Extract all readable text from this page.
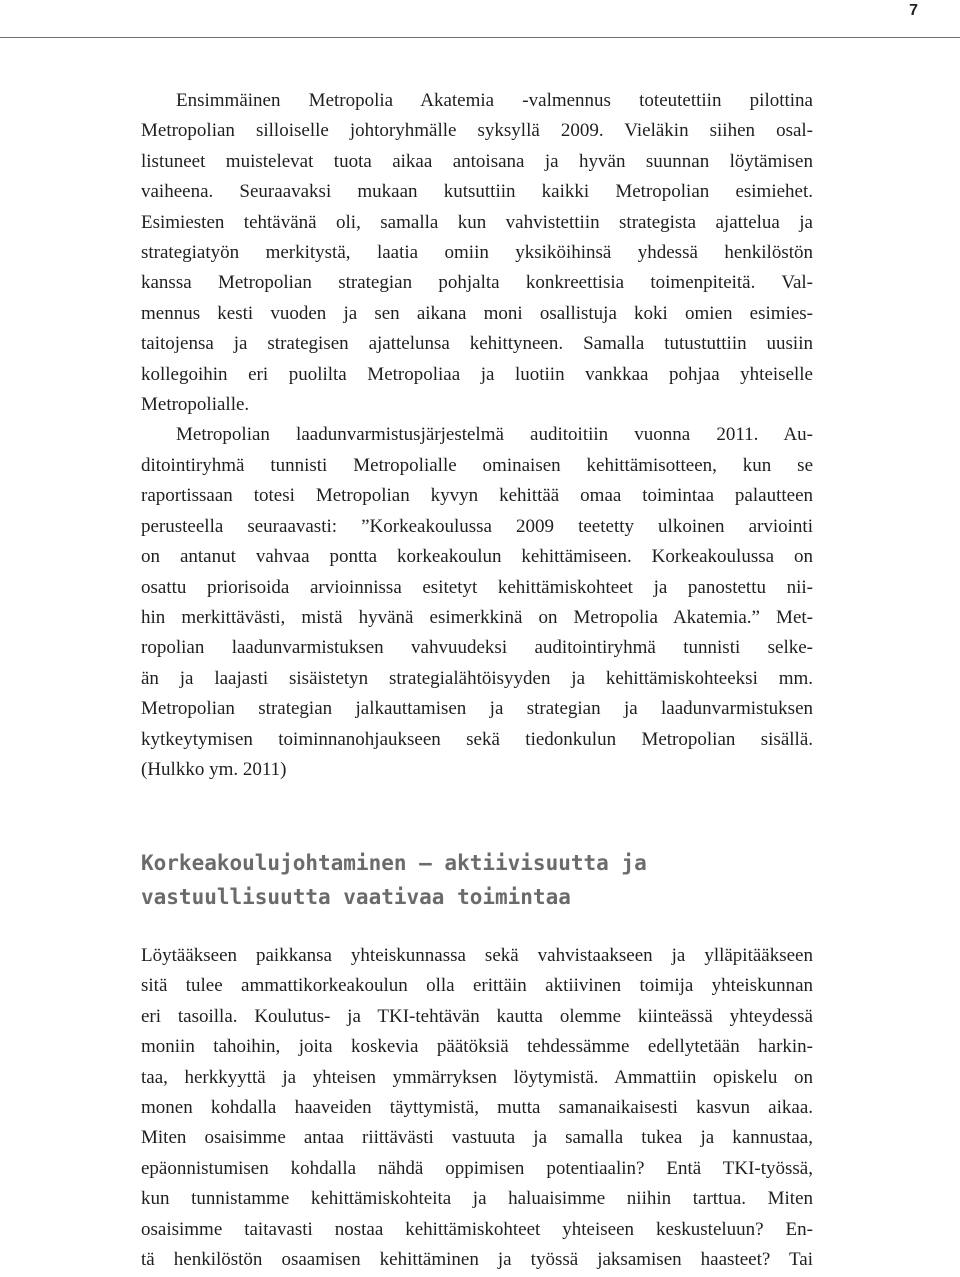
7

Ensimmäinen Metropolia Akatemia -valmennus toteutettiin pilottina
Metropolian silloiselle johtoryhmälle syksyllä 2009. Vieläkin siihen osal-
listuneet muistelevat tuota aikaa antoisana ja hyvän suunnan löytämisen
vaiheena. Seuraavaksi mukaan kutsuttiin kaikki Metropolian esimiehet.
Esimiesten tehtävänä oli, samalla kun vahvistettiin strategista ajattelua ja
strategiatyön merkitystä, laatia omiin yksiköihinsä yhdessä henkilöstön
kanssa Metropolian strategian pohjalta konkreettisia toimenpiteitä. Val-
mennus kesti vuoden ja sen aikana moni osallistuja koki omien esimies-
taitojensa ja strategisen ajattelunsa kehittyneen. Samalla tutustuttiin uusiin
kollegoihin eri puolilta Metropoliaa ja luotiin vankkaa pohjaa yhteiselle
Metropolialle.

Metropolian laadunvarmistusjärjestelmä auditoitiin vuonna 2011. Au-
ditointiryhmä tunnisti Metropolialle ominaisen kehittämisotteen, kun se
raportissaan totesi Metropolian kyvyn kehittää omaa toimintaa palautteen
perusteella seuraavasti: ”Korkeakoulussa 2009 teetetty ulkoinen arviointi
on antanut vahvaa pontta korkeakoulun kehittämiseen. Korkeakoulussa on
osattu priorisoida arvioinnissa esitetyt kehittämiskohteet ja panostettu nii-
hin merkittävästi, mistä hyvänä esimerkkinä on Metropolia Akatemia.” Met-
ropolian laadunvarmistuksen vahvuudeksi auditointiryhmä tunnisti selke-
än ja laajasti sisäistetyn strategialähtöisyyden ja kehittämiskohteeksi mm.
Metropolian strategian jalkauttamisen ja strategian ja laadunvarmistuksen
kytkeytymisen toiminnanohjaukseen sekä tiedonkulun Metropolian sisällä.
(Hulkko ym. 2011)

Korkeakoulujohtaminen – aktiivisuutta ja
vastuullisuutta vaativaa toimintaa

Löytääkseen paikkansa yhteiskunnassa sekä vahvistaakseen ja ylläpitääkseen
sitä tulee ammattikorkeakoulun olla erittäin aktiivinen toimija yhteiskunnan
eri tasoilla. Koulutus- ja TKI-tehtävän kautta olemme kiinteässä yhteydessä
moniin tahoihin, joita koskevia päätöksiä tehdessämme edellytetään harkin-
taa, herkkyyttä ja yhteisen ymmärryksen löytymistä. Ammattiin opiskelu on
monen kohdalla haaveiden täyttymistä, mutta samanaikaisesti kasvun aikaa.
Miten osaisimme antaa riittävästi vastuuta ja samalla tukea ja kannustaa,
epäonnistumisen kohdalla nähdä oppimisen potentiaalin? Entä TKI-työssä,
kun tunnistamme kehittämiskohteita ja haluaisimme niihin tarttua. Miten
osaisimme taitavasti nostaa kehittämiskohteet yhteiseen keskusteluun? En-
tä henkilöstön osaamisen kehittäminen ja työssä jaksamisen haasteet? Tai
